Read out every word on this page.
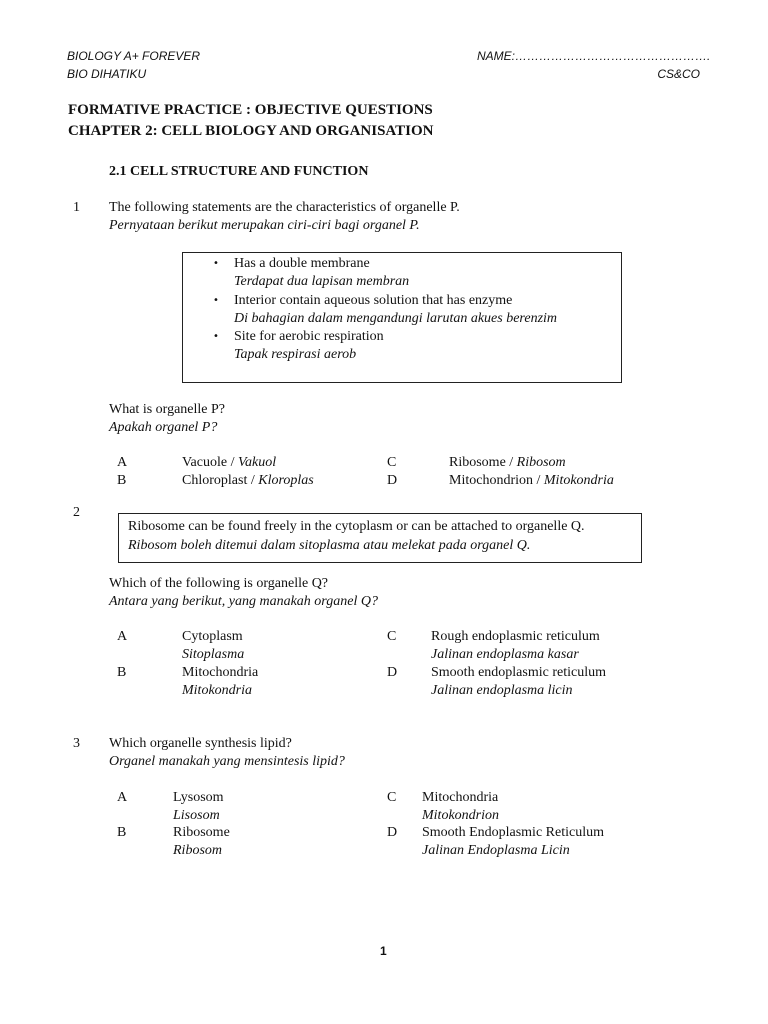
BIOLOGY A+ FOREVER
BIO DIHATIKU
NAME:………………………………………….
CS&CO
FORMATIVE PRACTICE : OBJECTIVE QUESTIONS
CHAPTER 2: CELL BIOLOGY AND ORGANISATION
2.1 CELL STRUCTURE AND FUNCTION
1 The following statements are the characteristics of organelle P.
Pernyataan berikut merupakan ciri-ciri bagi organel P.
• Has a double membrane
Terdapat dua lapisan membran
• Interior contain aqueous solution that has enzyme
Di bahagian dalam mengandungi larutan akues berenzim
• Site for aerobic respiration
Tapak respirasi aerob
What is organelle P?
Apakah organel P?
A	Vacuole / Vakuol
B	Chloroplast / Kloroplas
C	Ribosome / Ribosom
D	Mitochondrion / Mitokondria
2
Ribosome can be found freely in the cytoplasm or can be attached to organelle Q.
Ribosom boleh ditemui dalam sitoplasma atau melekat pada organel Q.
Which of the following is organelle Q?
Antara yang berikut, yang manakah organel Q?
A	Cytoplasm
Sitoplasma
B	Mitochondria
Mitokondria
C Rough endoplasmic reticulum
Jalinan endoplasma kasar
D Smooth endoplasmic reticulum
Jalinan endoplasma licin
3 Which organelle synthesis lipid?
Organel manakah yang mensintesis lipid?
A	Lysosom
Lisosom
B	Ribosome
Ribosom
C Mitochondria
Mitokondrion
D Smooth Endoplasmic Reticulum
Jalinan Endoplasma Licin
1
